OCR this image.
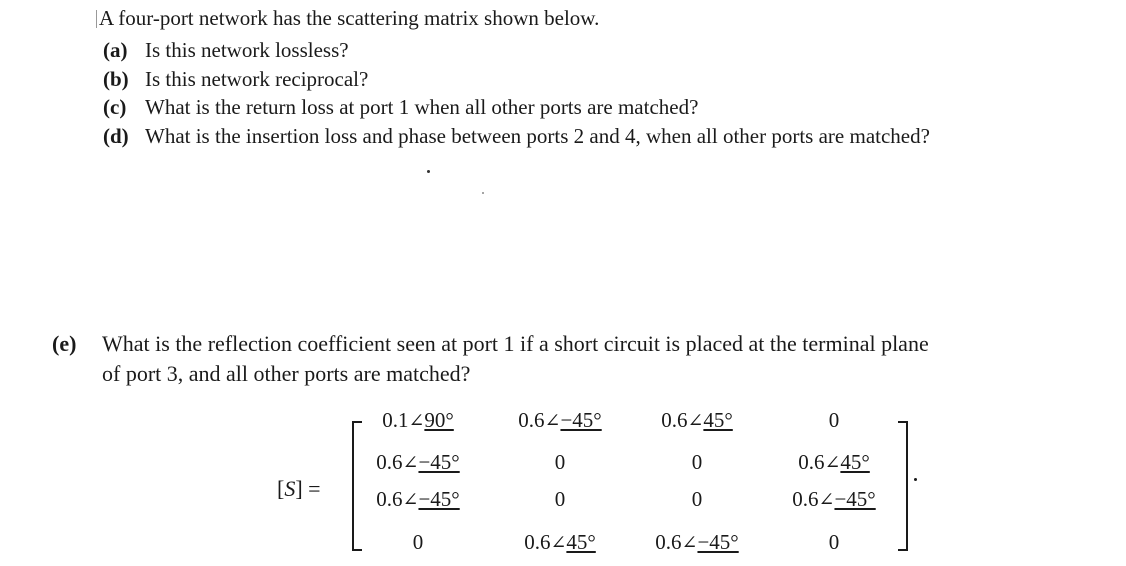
A four-port network has the scattering matrix shown below.
(a) Is this network lossless?
(b) Is this network reciprocal?
(c) What is the return loss at port 1 when all other ports are matched?
(d) What is the insertion loss and phase between ports 2 and 4, when all other ports are matched?
(e) What is the reflection coefficient seen at port 1 if a short circuit is placed at the terminal plane
of port 3, and all other ports are matched?
[S] =
0.1∠90°	0.6∠−45°	0.6∠45°	0
0.6∠−45°	0	0	0.6∠45°
0.6∠−45°	0	0	0.6∠−45°
0	0.6∠45°	0.6∠−45°	0
